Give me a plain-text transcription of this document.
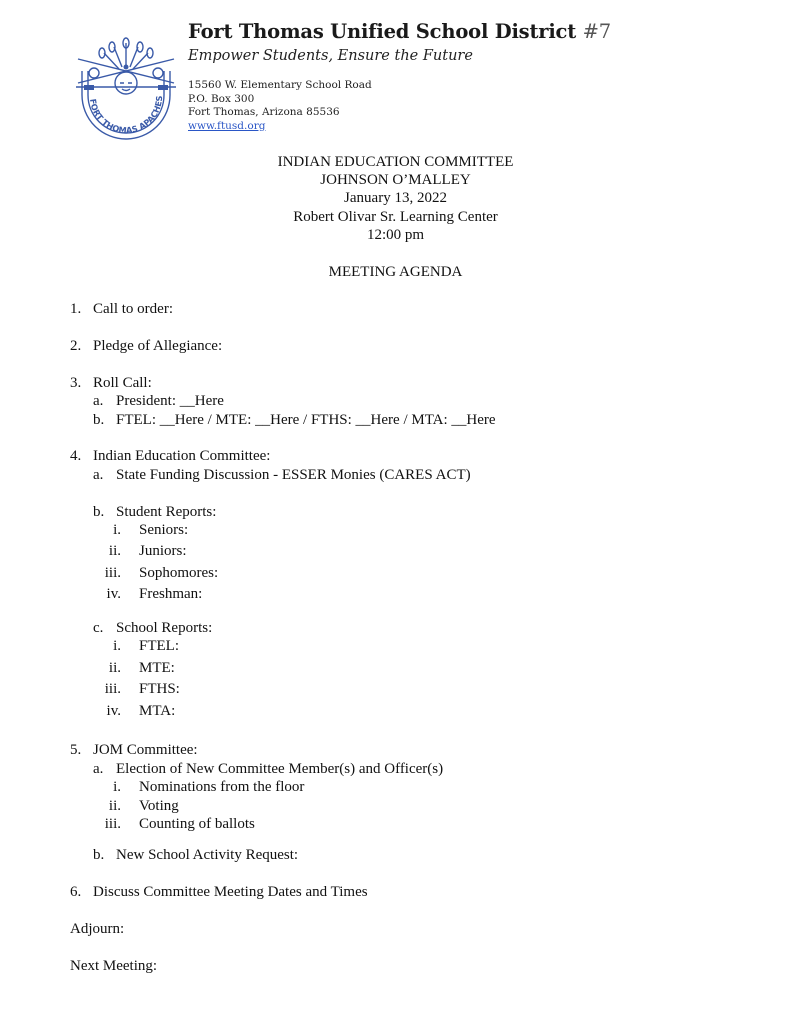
FORT THOMAS APACHES
Fort Thomas Unified School District #7
Empower Students, Ensure the Future
15560 W. Elementary School Road
P.O. Box 300
Fort Thomas, Arizona 85536
www.ftusd.org
INDIAN EDUCATION COMMITTEE
JOHNSON O’MALLEY
January 13, 2022
Robert Olivar Sr. Learning Center
12:00 pm
MEETING AGENDA
1. Call to order:
2. Pledge of Allegiance:
3. Roll Call:
a. President: __Here
b. FTEL: __Here / MTE: __Here / FTHS: __Here / MTA: __Here
4. Indian Education Committee:
a. State Funding Discussion - ESSER Monies (CARES ACT)
b. Student Reports:
i. Seniors:
ii. Juniors:
iii. Sophomores:
iv. Freshman:
c. School Reports:
i. FTEL:
ii. MTE:
iii. FTHS:
iv. MTA:
5. JOM Committee:
a. Election of New Committee Member(s) and Officer(s)
i. Nominations from the floor
ii. Voting
iii. Counting of ballots
b. New School Activity Request:
6. Discuss Committee Meeting Dates and Times
Adjourn:
Next Meeting:
